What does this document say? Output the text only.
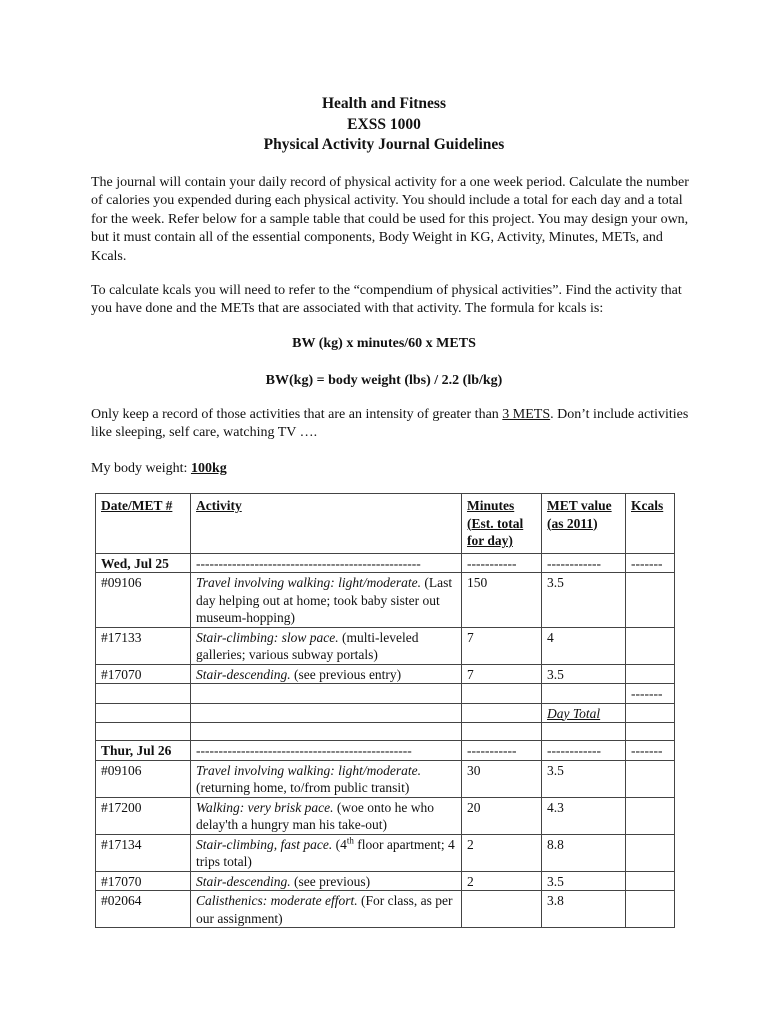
Health and Fitness
EXSS 1000
Physical Activity Journal Guidelines

The journal will contain your daily record of physical activity for a one week period. Calculate the number of calories you expended during each physical activity. You should include a total for each day and a total for the week. Refer below for a sample table that could be used for this project. You may design your own, but it must contain all of the essential components, Body Weight in KG, Activity, Minutes, METs, and Kcals.

To calculate kcals you will need to refer to the “compendium of physical activities”. Find the activity that you have done and the METs that are associated with that activity. The formula for kcals is:

BW (kg) x minutes/60 x METS
BW(kg) = body weight (lbs) / 2.2 (lb/kg)

Only keep a record of those activities that are an intensity of greater than 3 METS. Don’t include activities like sleeping, self care, watching TV ….

My body weight: 100kg

Date/MET #	Activity	Minutes (Est. total for day)	MET value (as 2011)	Kcals
Wed, Jul 25	--------------------------------------------------	-----------	------------	-------
#09106	Travel involving walking: light/moderate. (Last day helping out at home; took baby sister out museum-hopping)	150	3.5	
#17133	Stair-climbing: slow pace. (multi-leveled galleries; various subway portals)	7	4	
#17070	Stair-descending. (see previous entry)	7	3.5	
				-------
			Day Total	

Thur, Jul 26	------------------------------------------------	-----------	------------	-------
#09106	Travel involving walking: light/moderate. (returning home, to/from public transit)	30	3.5	
#17200	Walking: very brisk pace. (woe onto he who delay'th a hungry man his take-out)	20	4.3	
#17134	Stair-climbing, fast pace. (4th floor apartment; 4 trips total)	2	8.8	
#17070	Stair-descending. (see previous)	2	3.5	
#02064	Calisthenics: moderate effort. (For class, as per our assignment)		3.8	
